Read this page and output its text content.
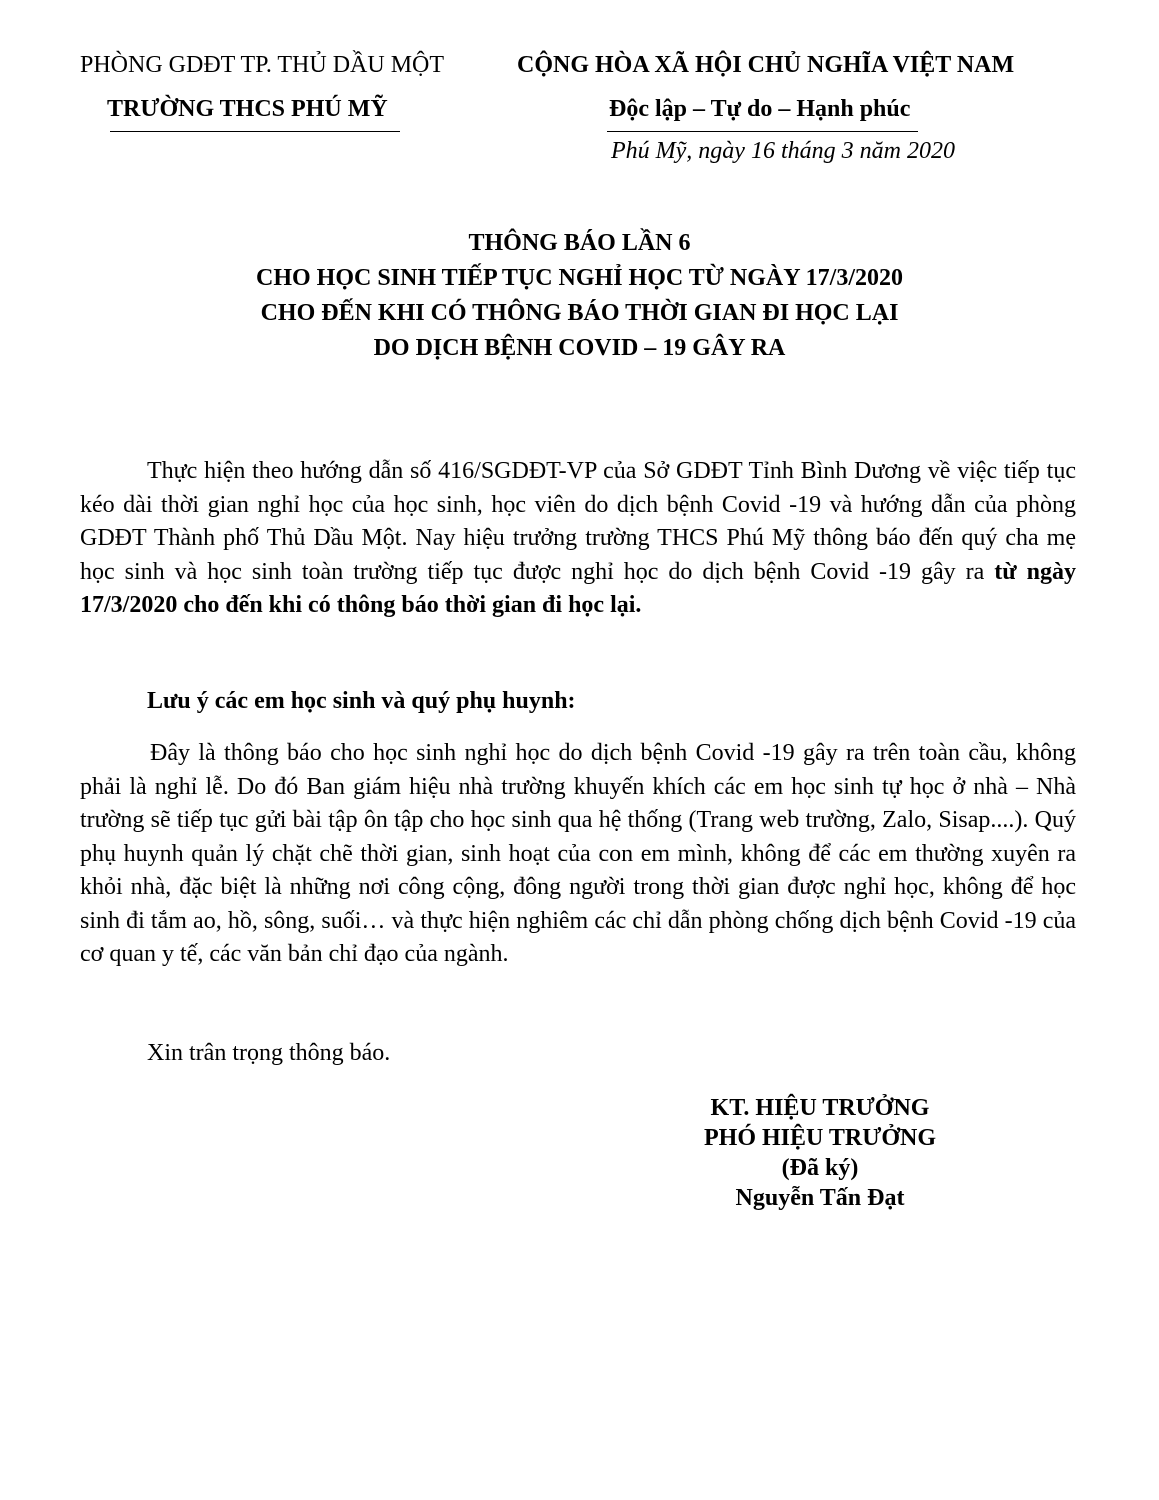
PHÒNG GDĐT TP. THỦ DẦU MỘT
TRƯỜNG THCS PHÚ MỸ
CỘNG HÒA XÃ HỘI CHỦ NGHĨA VIỆT NAM
Độc lập – Tự do – Hạnh phúc
Phú Mỹ, ngày 16 tháng 3 năm 2020
THÔNG BÁO LẦN 6
CHO HỌC SINH TIẾP TỤC NGHỈ HỌC TỪ NGÀY 17/3/2020
CHO ĐẾN KHI CÓ THÔNG BÁO THỜI GIAN ĐI HỌC LẠI
DO DỊCH BỆNH COVID – 19 GÂY RA
Thực hiện theo hướng dẫn số 416/SGDĐT-VP của Sở GDĐT Tỉnh Bình Dương về việc tiếp tục kéo dài thời gian nghỉ học của học sinh, học viên do dịch bệnh Covid -19 và hướng dẫn của phòng GDĐT Thành phố Thủ Dầu Một. Nay hiệu trưởng trường THCS Phú Mỹ thông báo đến quý cha mẹ học sinh và học sinh toàn trường tiếp tục được nghỉ học do dịch bệnh Covid -19 gây ra từ ngày 17/3/2020 cho đến khi có thông báo thời gian đi học lại.
Lưu ý các em học sinh và quý phụ huynh:
Đây là thông báo cho học sinh nghỉ học do dịch bệnh Covid -19 gây ra trên toàn cầu, không phải là nghỉ lễ. Do đó Ban giám hiệu nhà trường khuyến khích các em học sinh tự học ở nhà – Nhà trường sẽ tiếp tục gửi bài tập ôn tập cho học sinh qua hệ thống (Trang web trường, Zalo, Sisap....). Quý phụ huynh quản lý chặt chẽ thời gian, sinh hoạt của con em mình, không để các em thường xuyên ra khỏi nhà, đặc biệt là những nơi công cộng, đông người trong thời gian được nghỉ học, không để học sinh đi tắm ao, hồ, sông, suối… và thực hiện nghiêm các chỉ dẫn phòng chống dịch bệnh Covid -19 của cơ quan y tế, các văn bản chỉ đạo của ngành.
Xin trân trọng thông báo.
KT. HIỆU TRƯỞNG
PHÓ HIỆU TRƯỞNG
(Đã ký)
Nguyễn Tấn Đạt
